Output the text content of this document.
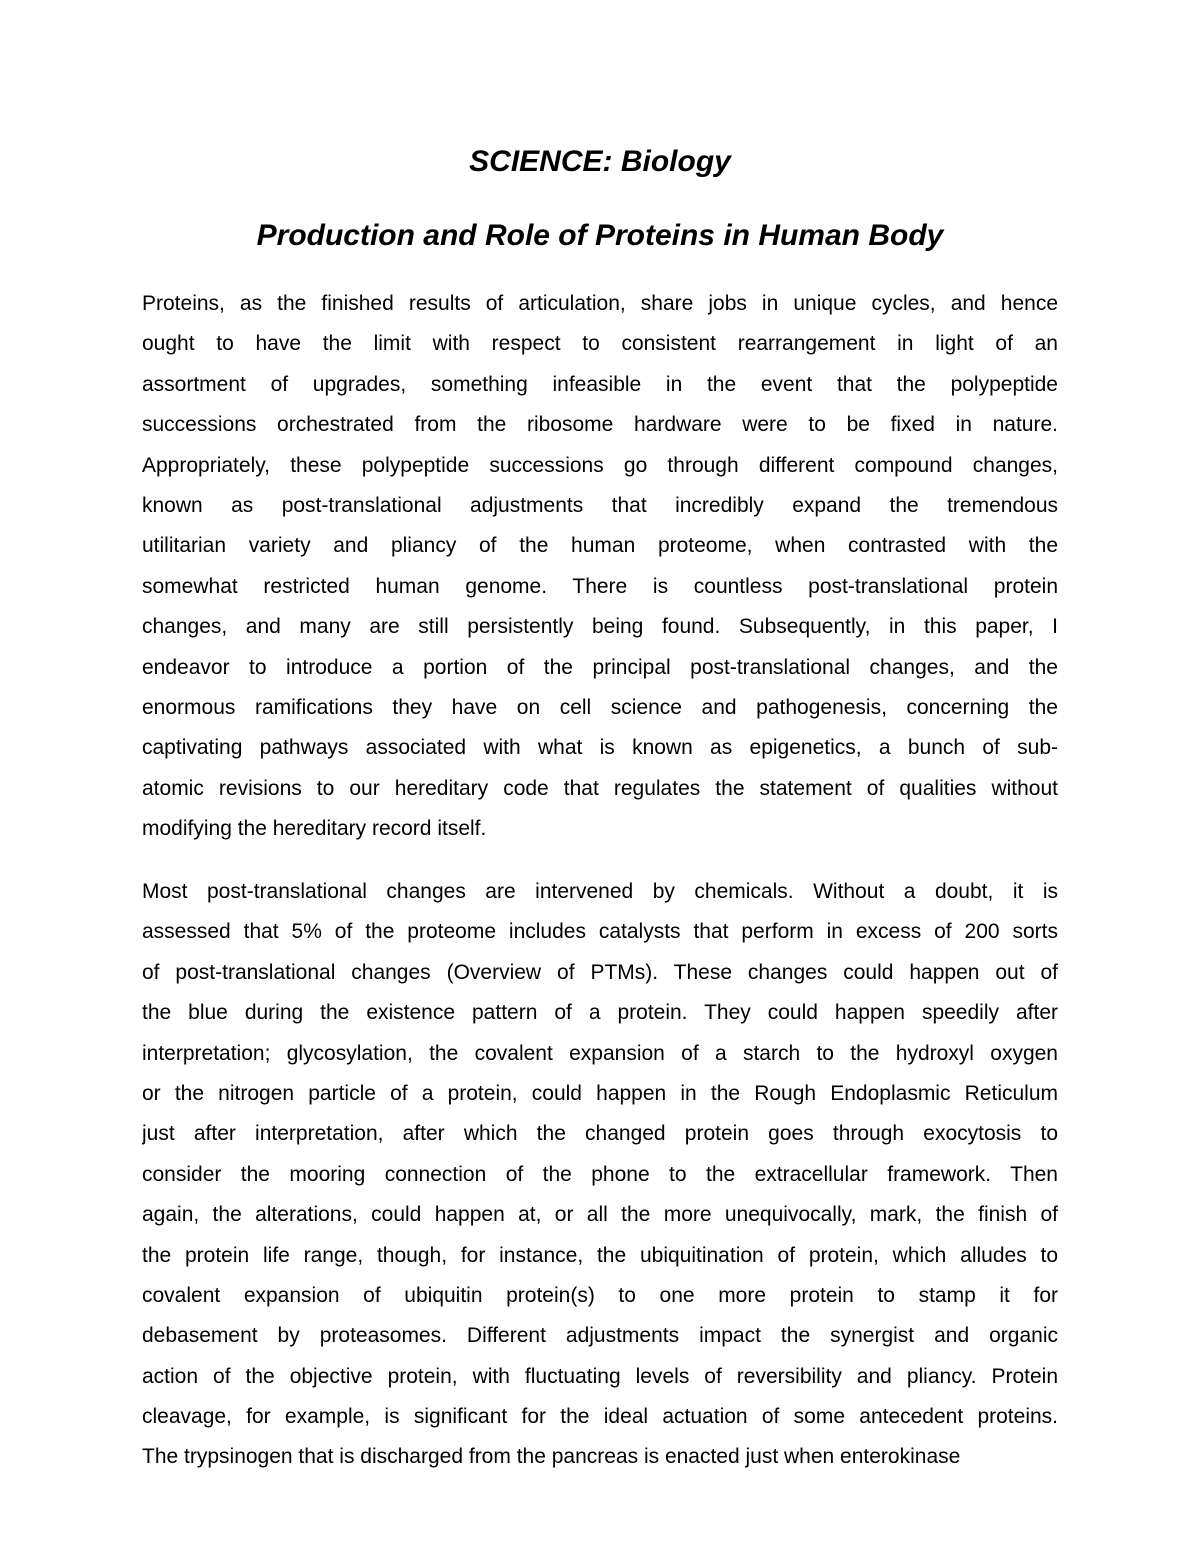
SCIENCE: Biology
Production and Role of Proteins in Human Body
Proteins, as the finished results of articulation, share jobs in unique cycles, and hence
ought to have the limit with respect to consistent rearrangement in light of an
assortment of upgrades, something infeasible in the event that the polypeptide
successions orchestrated from the ribosome hardware were to be fixed in nature.
Appropriately, these polypeptide successions go through different compound changes,
known as post-translational adjustments that incredibly expand the tremendous
utilitarian variety and pliancy of the human proteome, when contrasted with the
somewhat restricted human genome. There is countless post-translational protein
changes, and many are still persistently being found. Subsequently, in this paper, I
endeavor to introduce a portion of the principal post-translational changes, and the
enormous ramifications they have on cell science and pathogenesis, concerning the
captivating pathways associated with what is known as epigenetics, a bunch of sub-
atomic revisions to our hereditary code that regulates the statement of qualities without
modifying the hereditary record itself.
Most post-translational changes are intervened by chemicals. Without a doubt, it is
assessed that 5% of the proteome includes catalysts that perform in excess of 200 sorts
of post-translational changes (Overview of PTMs). These changes could happen out of
the blue during the existence pattern of a protein. They could happen speedily after
interpretation; glycosylation, the covalent expansion of a starch to the hydroxyl oxygen
or the nitrogen particle of a protein, could happen in the Rough Endoplasmic Reticulum
just after interpretation, after which the changed protein goes through exocytosis to
consider the mooring connection of the phone to the extracellular framework. Then
again, the alterations, could happen at, or all the more unequivocally, mark, the finish of
the protein life range, though, for instance, the ubiquitination of protein, which alludes to
covalent expansion of ubiquitin protein(s) to one more protein to stamp it for
debasement by proteasomes. Different adjustments impact the synergist and organic
action of the objective protein, with fluctuating levels of reversibility and pliancy. Protein
cleavage, for example, is significant for the ideal actuation of some antecedent proteins.
The trypsinogen that is discharged from the pancreas is enacted just when enterokinase
